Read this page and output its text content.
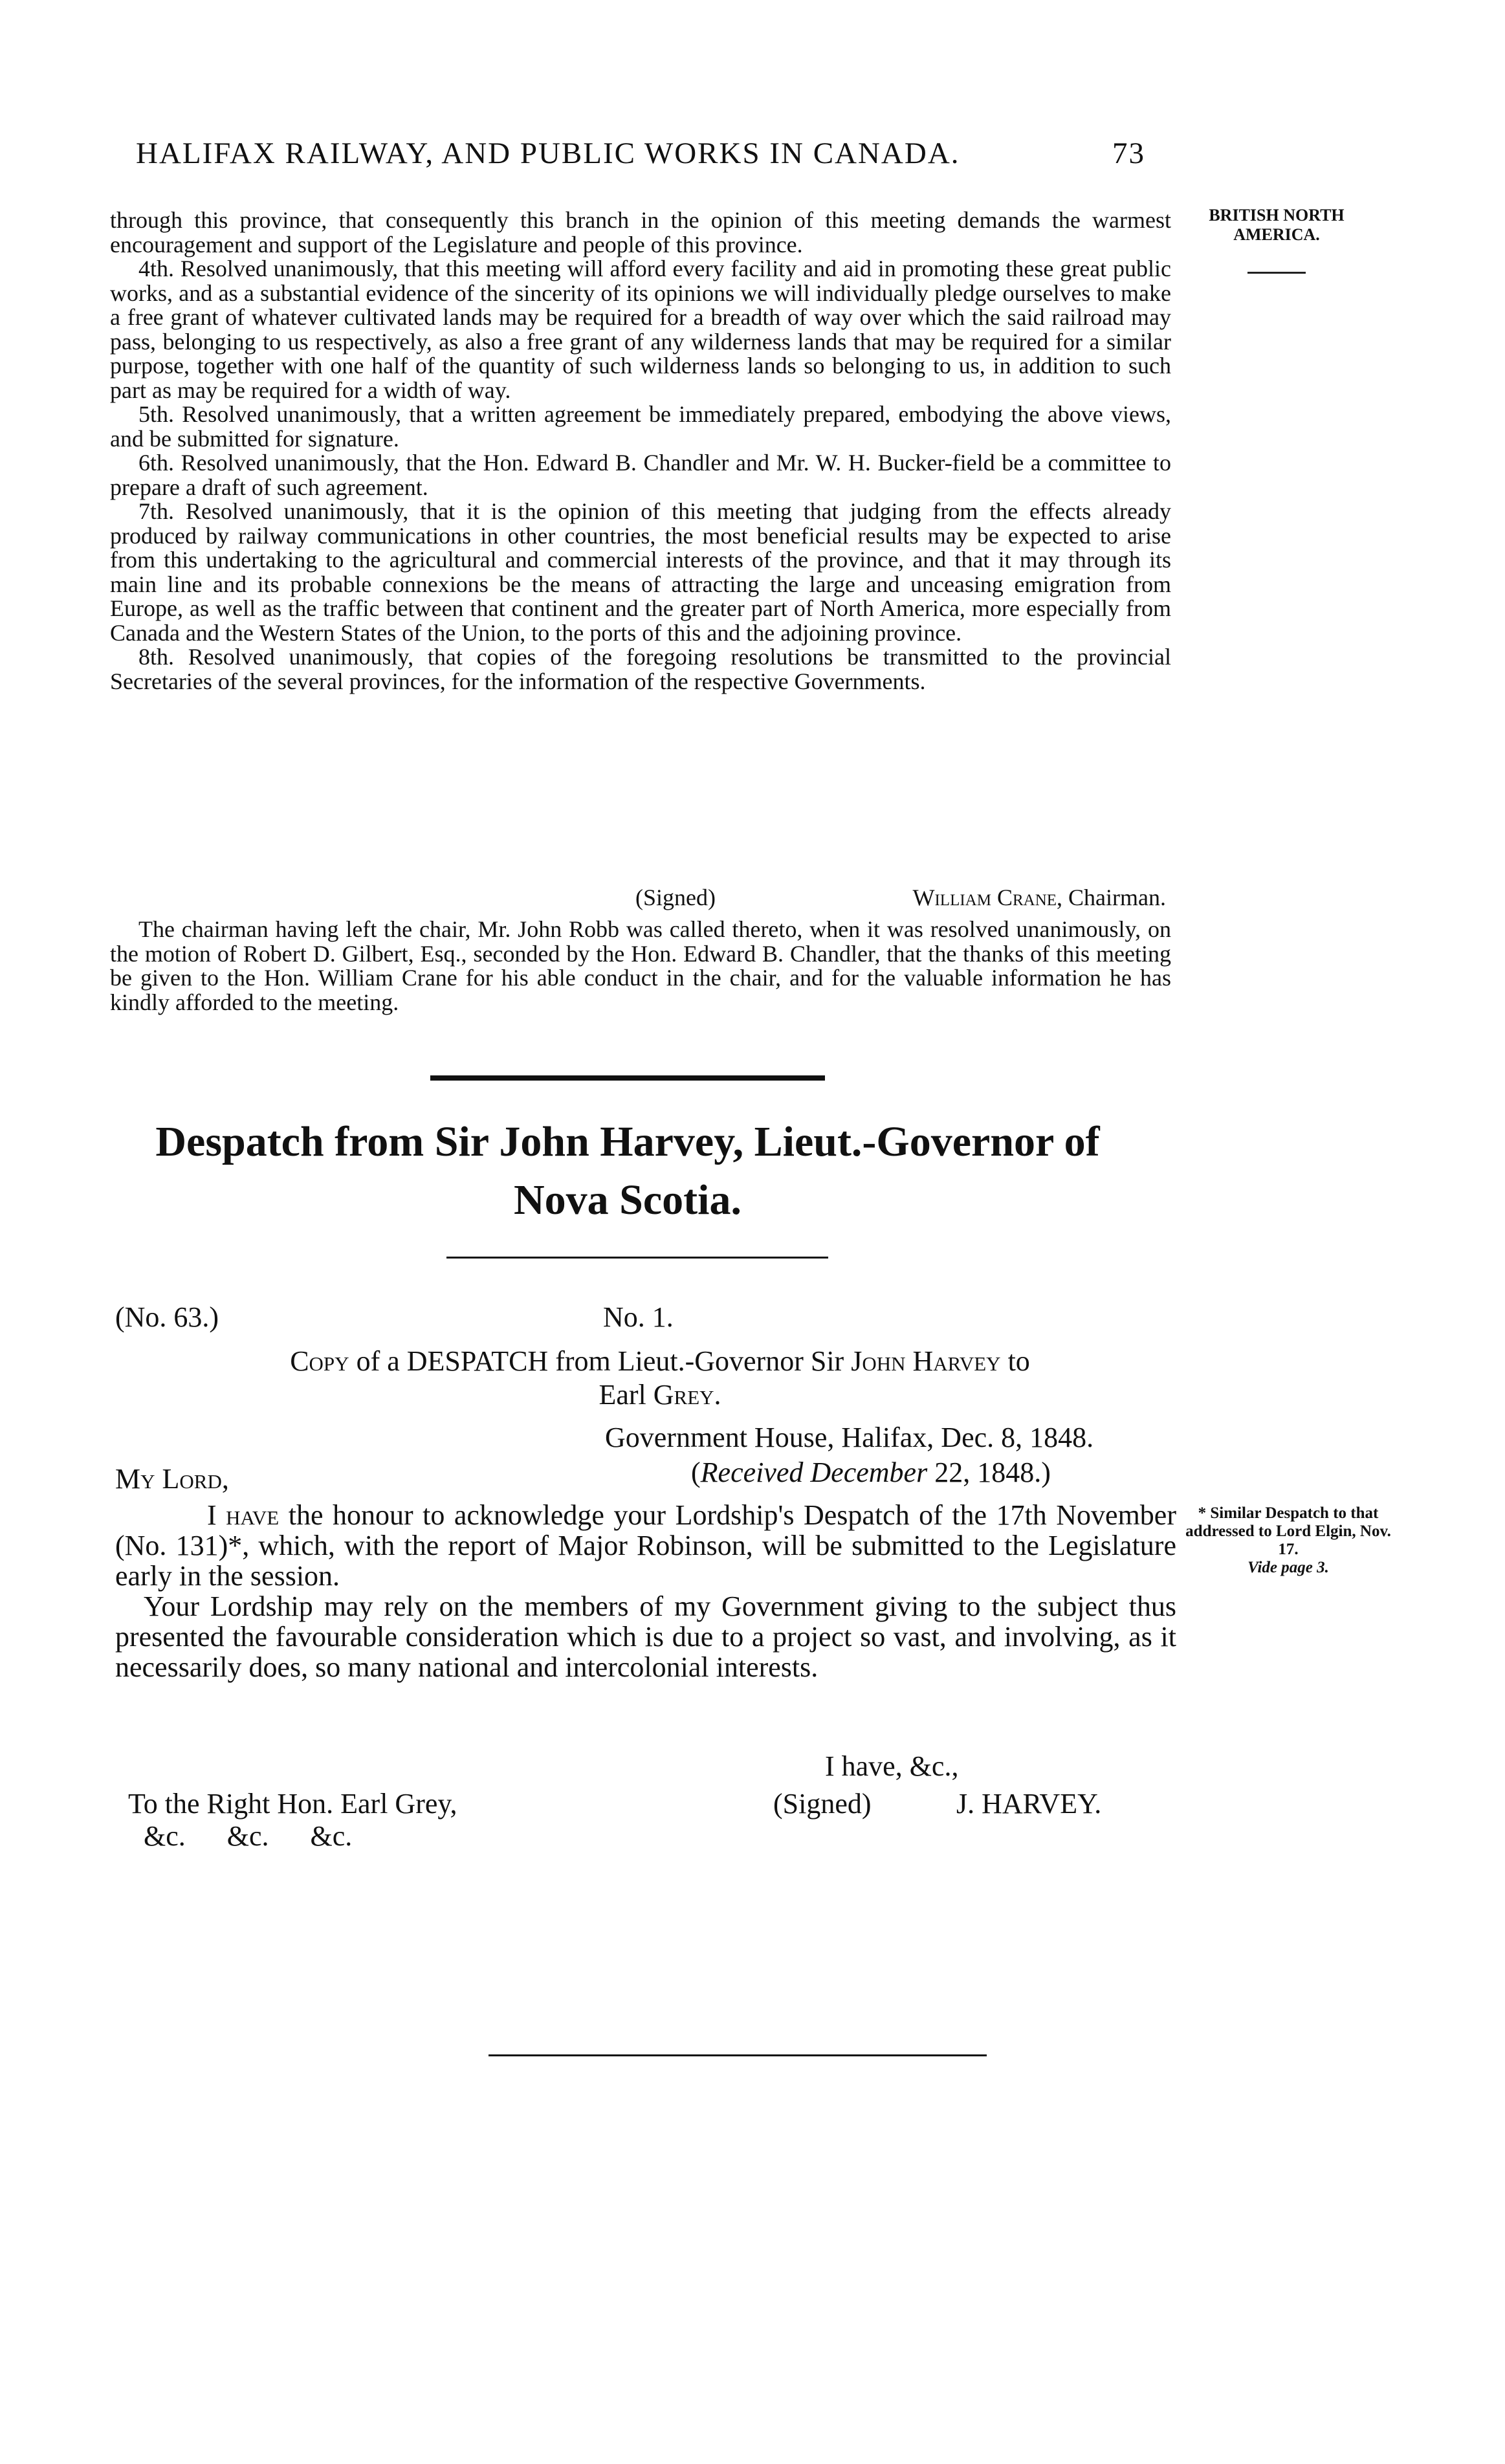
HALIFAX RAILWAY, AND PUBLIC WORKS IN CANADA.	73
BRITISH NORTH AMERICA.

through this province, that consequently this branch in the opinion of this meeting demands the warmest encouragement and support of the Legislature and people of this province.

4th. Resolved unanimously, that this meeting will afford every facility and aid in promoting these great public works, and as a substantial evidence of the sincerity of its opinions we will individually pledge ourselves to make a free grant of whatever cultivated lands may be required for a breadth of way over which the said railroad may pass, belonging to us respectively, as also a free grant of any wilderness lands that may be required for a similar purpose, together with one half of the quantity of such wilderness lands so belonging to us, in addition to such part as may be required for a width of way.

5th. Resolved unanimously, that a written agreement be immediately prepared, embodying the above views, and be submitted for signature.

6th. Resolved unanimously, that the Hon. Edward B. Chandler and Mr. W. H. Bucker-field be a committee to prepare a draft of such agreement.

7th. Resolved unanimously, that it is the opinion of this meeting that judging from the effects already produced by railway communications in other countries, the most beneficial results may be expected to arise from this undertaking to the agricultural and commercial interests of the province, and that it may through its main line and its probable connexions be the means of attracting the large and unceasing emigration from Europe, as well as the traffic between that continent and the greater part of North America, more especially from Canada and the Western States of the Union, to the ports of this and the adjoining province.

8th. Resolved unanimously, that copies of the foregoing resolutions be transmitted to the provincial Secretaries of the several provinces, for the information of the respective Governments.

(Signed)	William Crane, Chairman.

The chairman having left the chair, Mr. John Robb was called thereto, when it was resolved unanimously, on the motion of Robert D. Gilbert, Esq., seconded by the Hon. Edward B. Chandler, that the thanks of this meeting be given to the Hon. William Crane for his able conduct in the chair, and for the valuable information he has kindly afforded to the meeting.

Despatch from Sir John Harvey, Lieut.-Governor of
Nova Scotia.
(No. 63.)	No. 1.
Copy of a DESPATCH from Lieut.-Governor Sir John Harvey to
Earl Grey.
Government House, Halifax, Dec. 8, 1848.
(Received December 22, 1848.)
My Lord,

I have the honour to acknowledge your Lordship's Despatch of the 17th November (No. 131)*, which, with the report of Major Robinson, will be submitted to the Legislature early in the session.

Your Lordship may rely on the members of my Government giving to the subject thus presented the favourable consideration which is due to a project so vast, and involving, as it necessarily does, so many national and intercolonial interests.

* Similar Despatch to that addressed to Lord Elgin, Nov. 17.
Vide page 3.
I have, &c.,
To the Right Hon. Earl Grey,	(Signed)	J. HARVEY.
&c. &c. &c.
